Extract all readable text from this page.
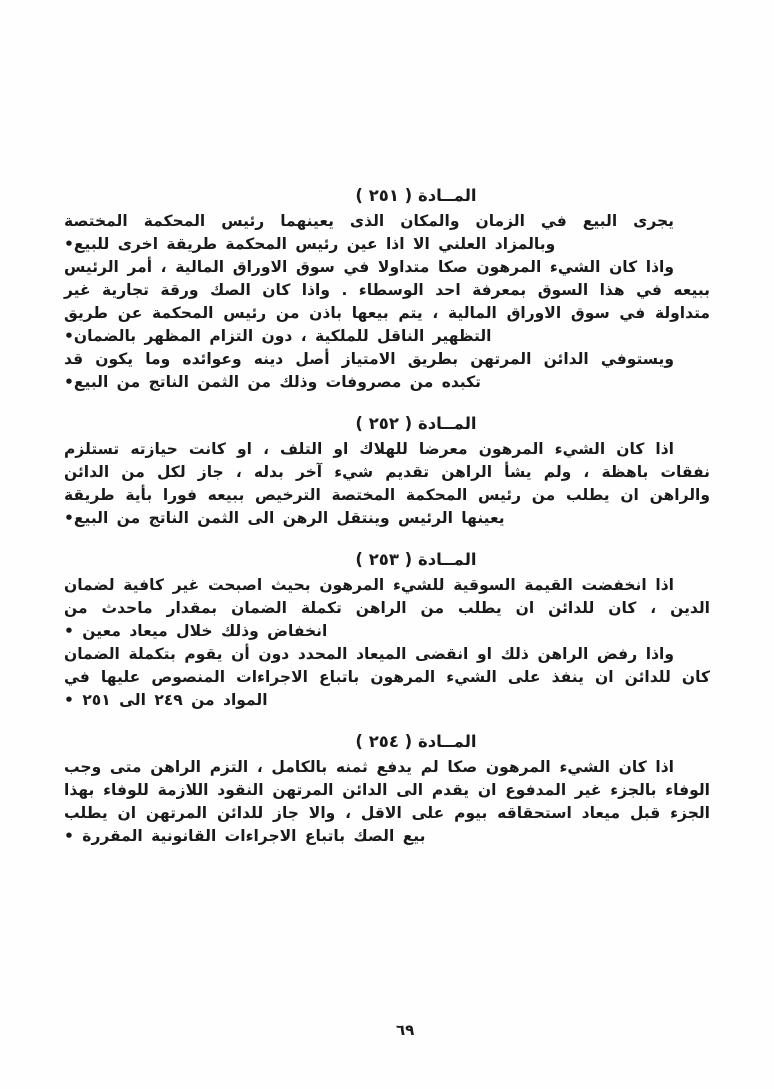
المــادة ( ٢٥١ )

يجرى البيع في الزمان والمكان الذى يعينهما رئيس المحكمة المختصة وبالمزاد العلني الا اذا عين رئيس المحكمة طريقة اخرى للبيع•

واذا كان الشيء المرهون صكا متداولا في سوق الاوراق المالية ، أمر الرئيس ببيعه في هذا السوق بمعرفة احد الوسطاء . واذا كان الصك ورقة تجارية غير متداولة في سوق الاوراق المالية ، يتم بيعها باذن من رئيس المحكمة عن طريق التظهير الناقل للملكية ، دون التزام المظهر بالضمان•

ويستوفي الدائن المرتهن بطريق الامتياز أصل دينه وعوائده وما يكون قد تكبده من مصروفات وذلك من الثمن الناتج من البيع•

المــادة ( ٢٥٢ )

اذا كان الشيء المرهون معرضا للهلاك او التلف ، او كانت حيازته تستلزم نفقات باهظة ، ولم يشأ الراهن تقديم شيء آخر بدله ، جاز لكل من الدائن والراهن ان يطلب من رئيس المحكمة المختصة الترخيص ببيعه فورا بأية طريقة يعينها الرئيس وينتقل الرهن الى الثمن الناتج من البيع•

المــادة ( ٢٥٣ )

اذا انخفضت القيمة السوقية للشيء المرهون بحيث اصبحت غير كافية لضمان الدين ، كان للدائن ان يطلب من الراهن تكملة الضمان بمقدار ماحدث من انخفاض وذلك خلال ميعاد معين •

واذا رفض الراهن ذلك او انقضى الميعاد المحدد دون أن يقوم بتكملة الضمان كان للدائن ان ينفذ على الشيء المرهون باتباع الاجراءات المنصوص عليها في المواد من ٢٤٩ الى ٢٥١ •

المــادة ( ٢٥٤ )

اذا كان الشيء المرهون صكا لم يدفع ثمنه بالكامل ، التزم الراهن متى وجب الوفاء بالجزء غير المدفوع ان يقدم الى الدائن المرتهن النقود اللازمة للوفاء بهذا الجزء قبل ميعاد استحقاقه بيوم على الاقل ، والا جاز للدائن المرتهن ان يطلب بيع الصك باتباع الاجراءات القانونية المقررة •

٦٩
